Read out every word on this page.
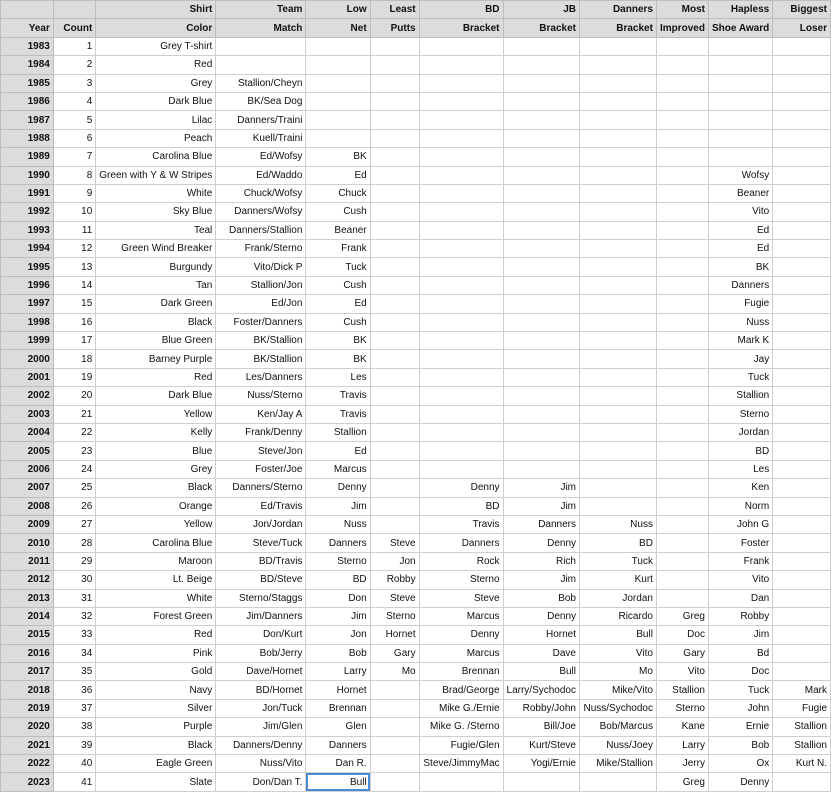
		Shirt	Team	Low	Least	BD	JB	Danners	Most	Hapless	Biggest
Year	Count	Color	Match	Net	Putts	Bracket	Bracket	Bracket	Improved	Shoe Award	Loser
1983	1	Grey T-shirt									
1984	2	Red									
1985	3	Grey	Stallion/Cheyn								
1986	4	Dark Blue	BK/Sea Dog								
1987	5	Lilac	Danners/Traini								
1988	6	Peach	Kuell/Traini								
1989	7	Carolina Blue	Ed/Wofsy	BK							
1990	8	Green with Y & W Stripes	Ed/Waddo	Ed						Wofsy	
1991	9	White	Chuck/Wofsy	Chuck						Beaner	
1992	10	Sky Blue	Danners/Wofsy	Cush						Vito	
1993	11	Teal	Danners/Stallion	Beaner						Ed	
1994	12	Green Wind Breaker	Frank/Sterno	Frank						Ed	
1995	13	Burgundy	Vito/Dick P	Tuck						BK	
1996	14	Tan	Stallion/Jon	Cush						Danners	
1997	15	Dark Green	Ed/Jon	Ed						Fugie	
1998	16	Black	Foster/Danners	Cush						Nuss	
1999	17	Blue Green	BK/Stallion	BK						Mark K	
2000	18	Barney Purple	BK/Stallion	BK						Jay	
2001	19	Red	Les/Danners	Les						Tuck	
2002	20	Dark Blue	Nuss/Sterno	Travis						Stallion	
2003	21	Yellow	Ken/Jay A	Travis						Sterno	
2004	22	Kelly	Frank/Denny	Stallion						Jordan	
2005	23	Blue	Steve/Jon	Ed						BD	
2006	24	Grey	Foster/Joe	Marcus						Les	
2007	25	Black	Danners/Sterno	Denny		Denny	Jim			Ken	
2008	26	Orange	Ed/Travis	Jim		BD	Jim			Norm	
2009	27	Yellow	Jon/Jordan	Nuss		Travis	Danners	Nuss		John G	
2010	28	Carolina Blue	Steve/Tuck	Danners	Steve	Danners	Denny	BD		Foster	
2011	29	Maroon	BD/Travis	Sterno	Jon	Rock	Rich	Tuck		Frank	
2012	30	Lt. Beige	BD/Steve	BD	Robby	Sterno	Jim	Kurt		Vito	
2013	31	White	Sterno/Staggs	Don	Steve	Steve	Bob	Jordan		Dan	
2014	32	Forest Green	Jim/Danners	Jim	Sterno	Marcus	Denny	Ricardo	Greg	Robby	
2015	33	Red	Don/Kurt	Jon	Hornet	Denny	Hornet	Bull	Doc	Jim	
2016	34	Pink	Bob/Jerry	Bob	Gary	Marcus	Dave	Vito	Gary	Bd	
2017	35	Gold	Dave/Hornet	Larry	Mo	Brennan	Bull	Mo	Vito	Doc	
2018	36	Navy	BD/Hornet	Hornet		Brad/George	Larry/Sychodoc	Mike/Vito	Stallion	Tuck	Mark
2019	37	Silver	Jon/Tuck	Brennan		Mike G./Ernie	Robby/John	Nuss/Sychodoc	Sterno	John	Fugie
2020	38	Purple	Jim/Glen	Glen		Mike G. /Sterno	Bill/Joe	Bob/Marcus	Kane	Ernie	Stallion
2021	39	Black	Danners/Denny	Danners		Fugie/Glen	Kurt/Steve	Nuss/Joey	Larry	Bob	Stallion
2022	40	Eagle Green	Nuss/Vito	Dan R.		Steve/JimmyMac	Yogi/Ernie	Mike/Stallion	Jerry	Ox	Kurt N.
2023	41	Slate	Don/Dan T.	Bull					Greg	Denny	
